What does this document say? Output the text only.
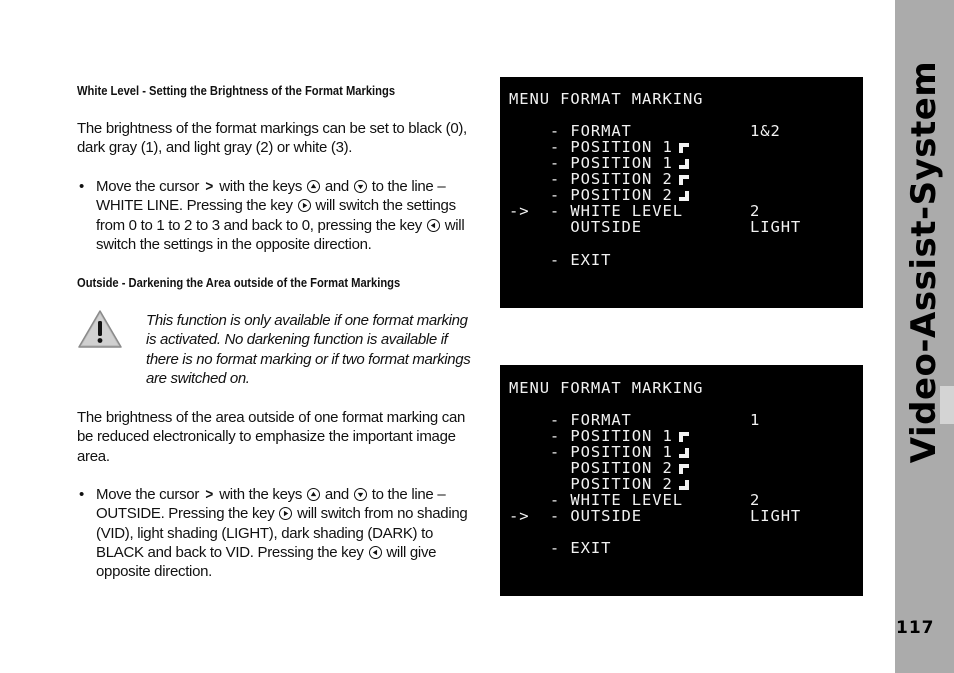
White Level - Setting the Brightness of the Format Markings
The brightness of the format markings can be set to black (0), dark gray (1), and light gray (2) or white (3).
• Move the cursor > with the keys and to the line – WHITE LINE. Pressing the key will switch the settings from 0 to 1 to 2 to 3 and back to 0, pressing the key will switch the settings in the opposite direction.
Outside - Darkening the Area outside of the Format Markings
This function is only available if one format marking is activated. No darkening function is available if there is no format marking or if two format markings are switched on.
The brightness of the area outside of one format marking can be reduced electronically to emphasize the important image area.
• Move the cursor > with the keys and to the line – OUTSIDE. Pressing the key will switch from no shading (VID), light shading (LIGHT), dark shading (DARK) to BLACK and back to VID. Pressing the key will give opposite direction.
MENU FORMAT MARKING
- FORMAT	1&2
- POSITION 1
- POSITION 1
- POSITION 2
- POSITION 2
->  - WHITE LEVEL	2
OUTSIDE	LIGHT
- EXIT
MENU FORMAT MARKING
- FORMAT	1
- POSITION 1
- POSITION 1
POSITION 2
POSITION 2
- WHITE LEVEL	2
->  - OUTSIDE	LIGHT
- EXIT
Video-Assist-System
117
